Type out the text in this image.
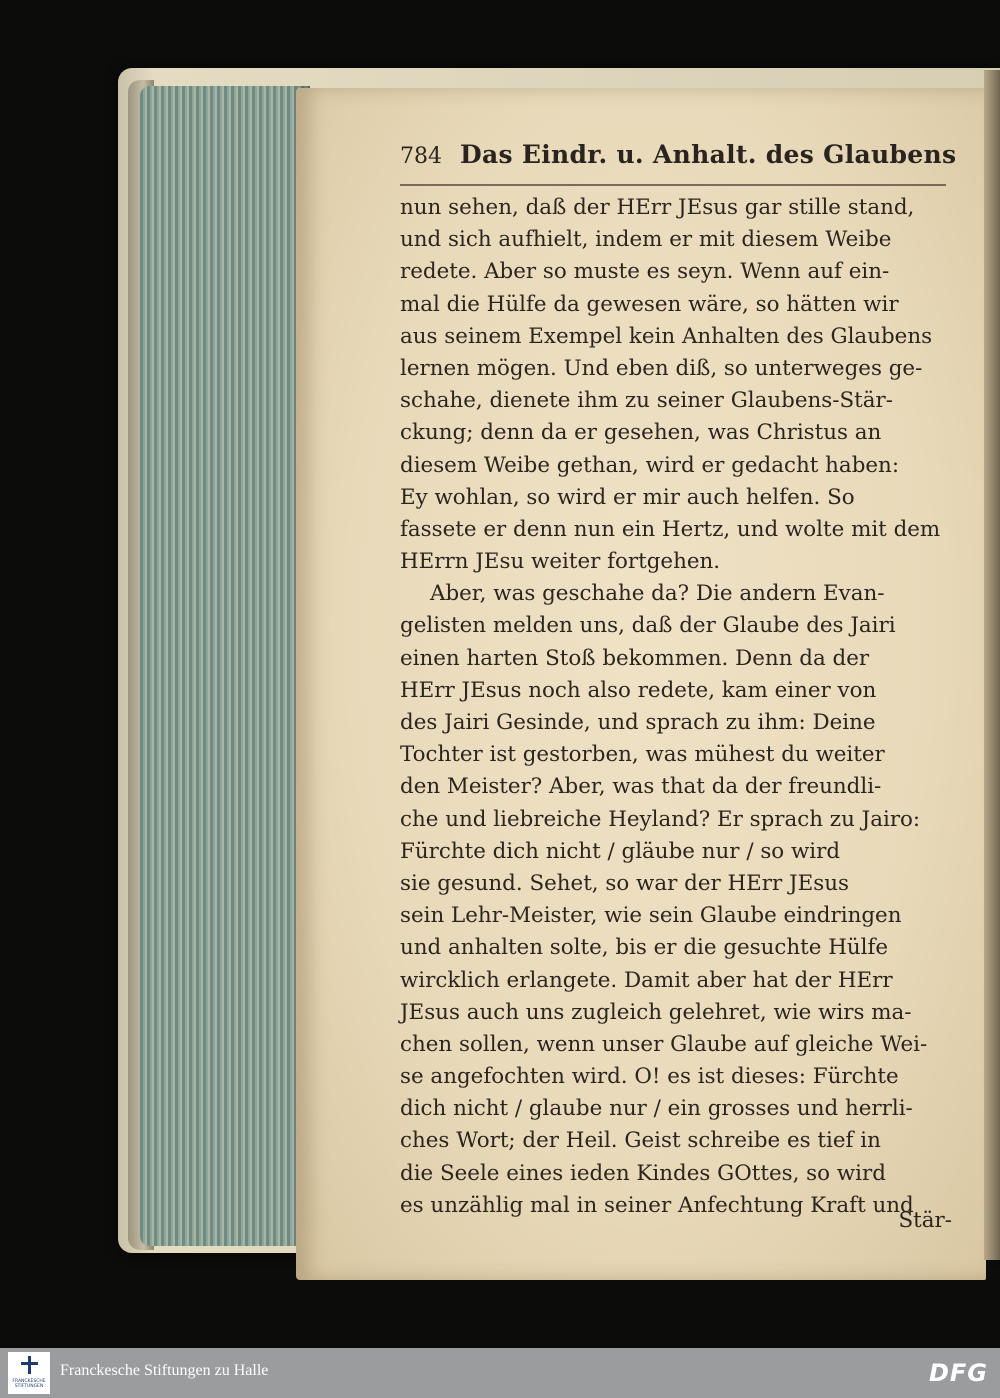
784 Das Eindr. u. Anhalt. des Glaubens
nun sehen, daß der HErr JEsus gar stille stand,
und sich aufhielt, indem er mit diesem Weibe
redete. Aber so muste es seyn. Wenn auf ein-
mal die Hülfe da gewesen wäre, so hätten wir
aus seinem Exempel kein Anhalten des Glaubens
lernen mögen. Und eben diß, so unterweges ge-
schahe, dienete ihm zu seiner Glaubens-Stär-
ckung; denn da er gesehen, was Christus an
diesem Weibe gethan, wird er gedacht haben:
Ey wohlan, so wird er mir auch helfen. So
fassete er denn nun ein Hertz, und wolte mit dem
HErrn JEsu weiter fortgehen.
Aber, was geschahe da? Die andern Evan-
gelisten melden uns, daß der Glaube des Jairi
einen harten Stoß bekommen. Denn da der
HErr JEsus noch also redete, kam einer von
des Jairi Gesinde, und sprach zu ihm: Deine
Tochter ist gestorben, was mühest du weiter
den Meister? Aber, was that da der freundli-
che und liebreiche Heyland? Er sprach zu Jairo:
Fürchte dich nicht / gläube nur / so wird
sie gesund. Sehet, so war der HErr JEsus
sein Lehr-Meister, wie sein Glaube eindringen
und anhalten solte, bis er die gesuchte Hülfe
wircklich erlangete. Damit aber hat der HErr
JEsus auch uns zugleich gelehret, wie wirs ma-
chen sollen, wenn unser Glaube auf gleiche Wei-
se angefochten wird. O! es ist dieses: Fürchte
dich nicht / glaube nur / ein grosses und herrli-
ches Wort; der Heil. Geist schreibe es tief in
die Seele eines ieden Kindes GOttes, so wird
es unzählig mal in seiner Anfechtung Kraft und
Stär-
FRANCKESCHE STIFTUNGEN
Franckesche Stiftungen zu Halle	DFG
